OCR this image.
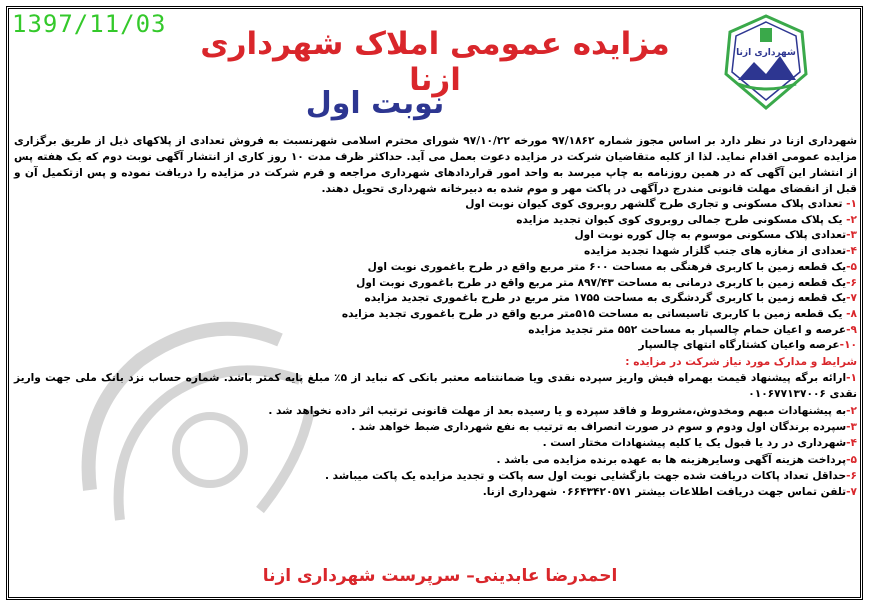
1397/11/03
شهرداری ازنا
مزایده عمومی املاک شهرداری ازنا
نوبت اول

شهرداری ازنا در نظر دارد بر اساس مجوز شماره ۹۷/۱۸۶۲ مورخه ۹۷/۱۰/۲۲ شورای محترم اسلامی شهرنسبت به فروش تعدادی از پلاکهای ذیل از طریق برگزاری مزایده عمومی اقدام نماید. لذا از کلیه متقاضیان شرکت در مزایده دعوت بعمل می آید. حداکثر ظرف مدت ۱۰ روز کاری از انتشار آگهی نوبت دوم که یک هفته پس از انتشار این آگهی که در همین روزنامه به چاپ میرسد به واحد امور قراردادهای شهرداری مراجعه و فرم شرکت در مزایده را دریافت نموده و پس ازتکمیل آن و قبل از انقضای مهلت قانونی مندرج درآگهی در پاکت مهر و موم شده به دبیرخانه شهرداری تحویل دهند.

۱- تعدادی پلاک مسکونی و تجاری طرح گلشهر روبروی کوی کیوان نوبت اول
۲- یک پلاک مسکونی طرح جمالی روبروی کوی کیوان تجدید مزایده
۳-تعدادی پلاک مسکونی موسوم به چال کوره نوبت اول
۴-تعدادی از مغازه های جنب گلزار شهدا تجدید مزایده
۵-یک قطعه زمین با کاربری فرهنگی به مساحت ۶۰۰ متر مربع واقع در طرح باغموری نوبت اول
۶-یک قطعه زمین با کاربری درمانی به مساحت ۸۹۷/۴۳ متر مربع واقع در طرح باغموری نوبت اول
۷-یک قطعه زمین با کاربری گردشگری به مساحت ۱۷۵۵ متر مربع در طرح باغموری تجدید مزایده
۸- یک قطعه زمین با کاربری تاسیساتی به مساحت ۵۱۵متر مربع واقع در طرح باغموری تجدید مزایده
۹-عرصه و اعیان حمام چالسپار به مساحت ۵۵۲ متر تجدید مزایده
۱۰-عرصه واعیان کشتارگاه انتهای چالسپار

شرایط و مدارک مورد نیاز شرکت در مزایده :

۱-ارائه برگه پیشنهاد قیمت بهمراه فیش واریز سپرده نقدی ویا ضمانتنامه معتبر بانکی که نباید از ۵٪ مبلغ پایه کمتر باشد. شماره حساب نزد بانک ملی جهت واریز نقدی ۰۱۰۶۷۷۱۳۷۰۰۶
۲-به پیشنهادات مبهم ومخدوش،مشروط و فاقد سپرده و یا رسیده بعد از مهلت قانونی ترتیب اثر داده نخواهد شد .
۳-سپرده برندگان اول ودوم و سوم در صورت انصراف به ترتیب به نفع شهرداری ضبط خواهد شد .
۴-شهرداری در رد یا قبول یک یا کلیه پیشنهادات مختار است .
۵-پرداخت هزینه آگهی وسایرهزینه ها به عهده برنده مزایده می باشد .
۶-حداقل تعداد پاکات دریافت شده جهت بازگشایی نوبت اول سه پاکت و تجدید مزایده یک پاکت میباشد .
۷-تلفن تماس جهت دریافت اطلاعات بیشتر ۰۶۶۴۳۴۲۰۵۷۱ شهرداری ازنا.
احمدرضا عابدینی– سرپرست شهرداری ازنا
